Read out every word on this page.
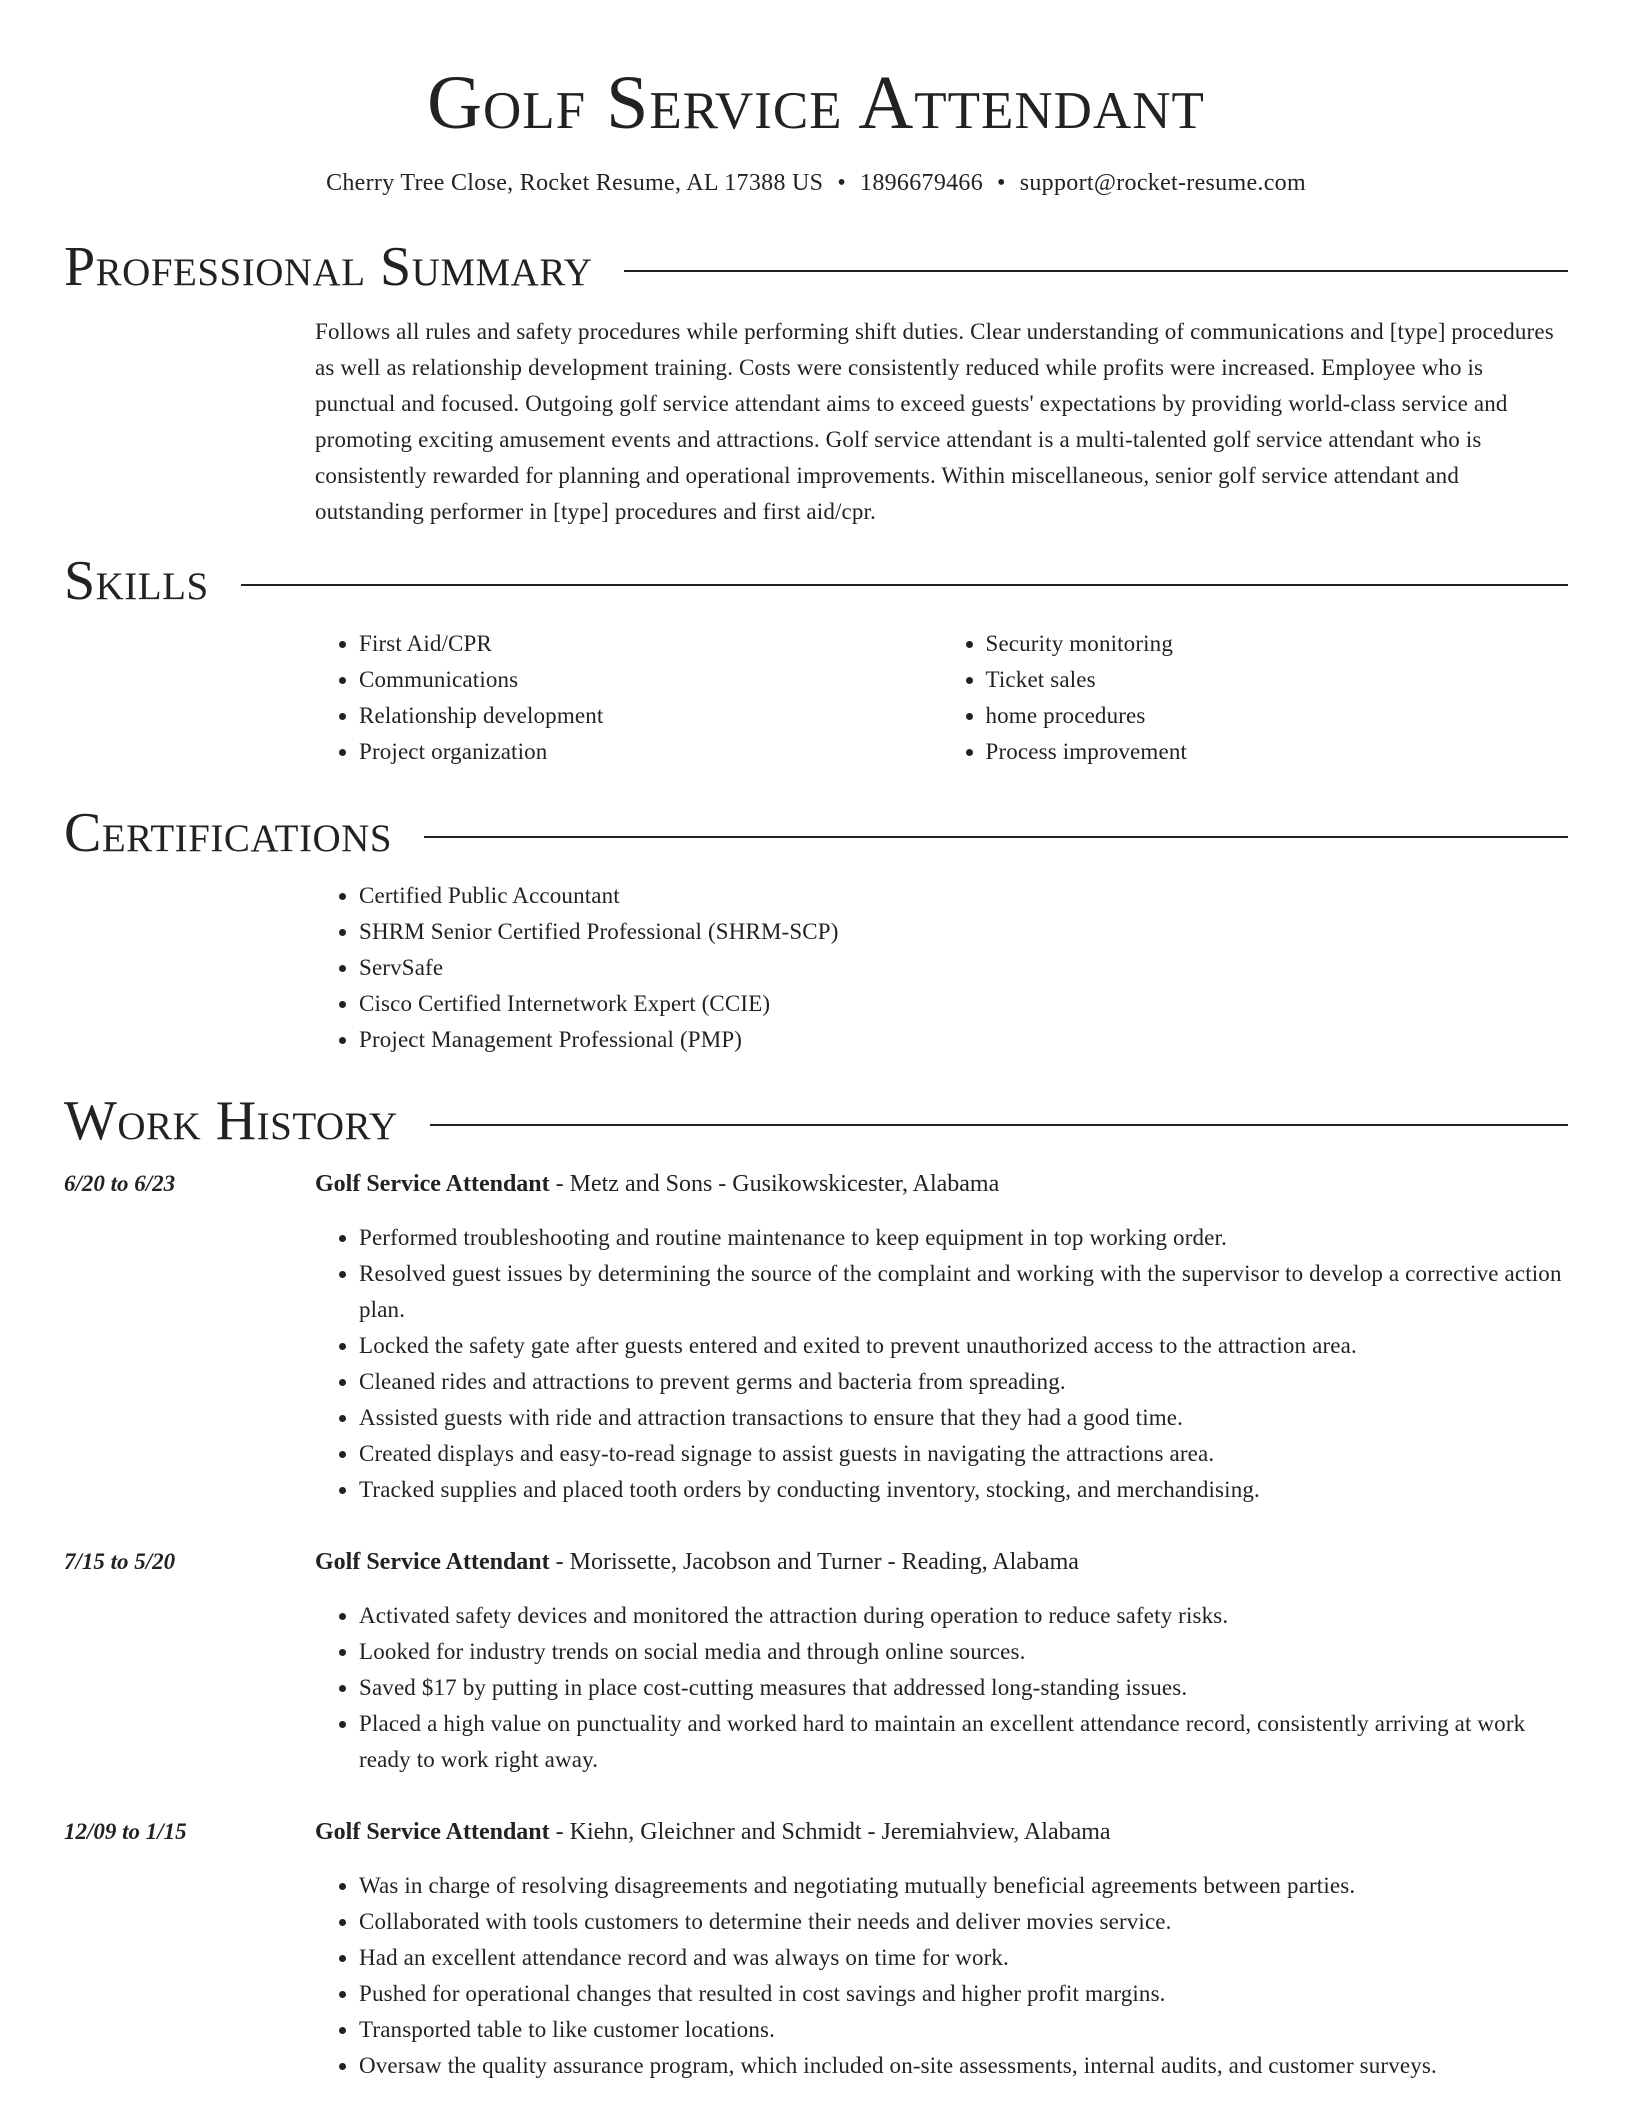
Golf Service Attendant
Cherry Tree Close, Rocket Resume, AL 17388 US • 1896679466 • support@rocket-resume.com
Professional Summary

Follows all rules and safety procedures while performing shift duties. Clear understanding of communications and [type] procedures as well as relationship development training. Costs were consistently reduced while profits were increased. Employee who is punctual and focused. Outgoing golf service attendant aims to exceed guests' expectations by providing world-class service and promoting exciting amusement events and attractions. Golf service attendant is a multi-talented golf service attendant who is consistently rewarded for planning and operational improvements. Within miscellaneous, senior golf service attendant and outstanding performer in [type] procedures and first aid/cpr.

Skills
• First Aid/CPR
• Communications
• Relationship development
• Project organization
• Security monitoring
• Ticket sales
• home procedures
• Process improvement
Certifications
• Certified Public Accountant
• SHRM Senior Certified Professional (SHRM-SCP)
• ServSafe
• Cisco Certified Internetwork Expert (CCIE)
• Project Management Professional (PMP)
Work History
6/20 to 6/23	Golf Service Attendant - Metz and Sons - Gusikowskicester, Alabama
• Performed troubleshooting and routine maintenance to keep equipment in top working order.
• Resolved guest issues by determining the source of the complaint and working with the supervisor to develop a corrective action plan.
• Locked the safety gate after guests entered and exited to prevent unauthorized access to the attraction area.
• Cleaned rides and attractions to prevent germs and bacteria from spreading.
• Assisted guests with ride and attraction transactions to ensure that they had a good time.
• Created displays and easy-to-read signage to assist guests in navigating the attractions area.
• Tracked supplies and placed tooth orders by conducting inventory, stocking, and merchandising.
7/15 to 5/20	Golf Service Attendant - Morissette, Jacobson and Turner - Reading, Alabama
• Activated safety devices and monitored the attraction during operation to reduce safety risks.
• Looked for industry trends on social media and through online sources.
• Saved $17 by putting in place cost-cutting measures that addressed long-standing issues.
• Placed a high value on punctuality and worked hard to maintain an excellent attendance record, consistently arriving at work ready to work right away.
12/09 to 1/15	Golf Service Attendant - Kiehn, Gleichner and Schmidt - Jeremiahview, Alabama
• Was in charge of resolving disagreements and negotiating mutually beneficial agreements between parties.
• Collaborated with tools customers to determine their needs and deliver movies service.
• Had an excellent attendance record and was always on time for work.
• Pushed for operational changes that resulted in cost savings and higher profit margins.
• Transported table to like customer locations.
• Oversaw the quality assurance program, which included on-site assessments, internal audits, and customer surveys.
